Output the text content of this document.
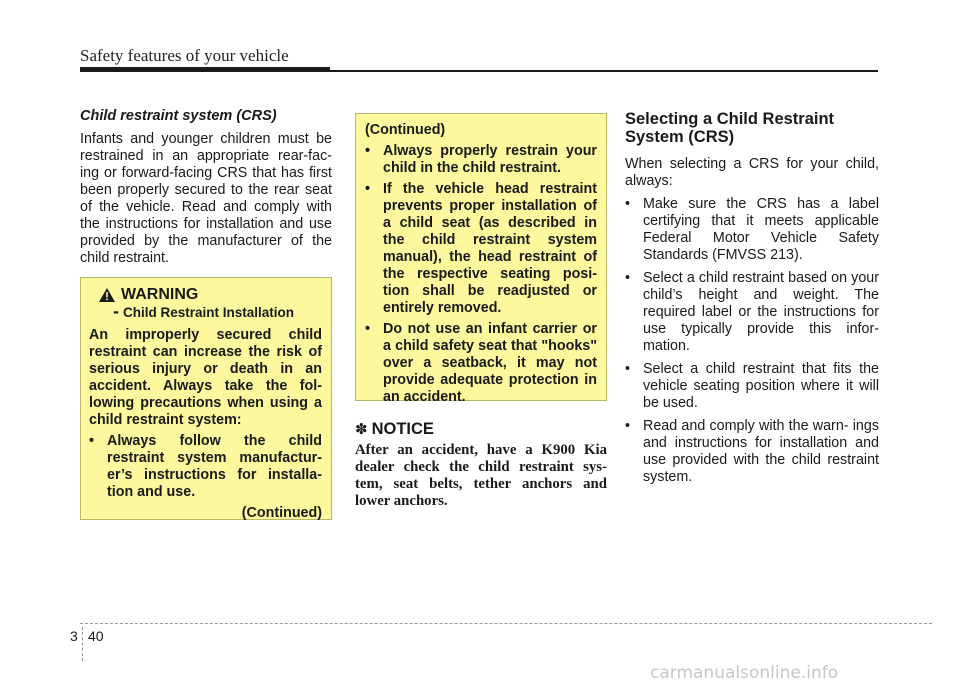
Safety features of your vehicle

Child restraint system (CRS)

Infants and younger children must be restrained in an appropriate rear-fac- ing or forward-facing CRS that has first been properly secured to the rear seat of the vehicle. Read and comply with the instructions for installation and use provided by the manufacturer of the child restraint.

WARNING
- Child Restraint Installation

An improperly secured child restraint can increase the risk of serious injury or death in an accident. Always take the fol- lowing precautions when using a child restraint system:

• Always follow the child restraint system manufactur- er’s instructions for installa- tion and use.
(Continued)
(Continued)
• Always properly restrain your child in the child restraint.
• If the vehicle head restraint prevents proper installation of a child seat (as described in the child restraint system manual), the head restraint of the respective seating posi- tion shall be readjusted or entirely removed.
• Do not use an infant carrier or a child safety seat that "hooks" over a seatback, it may not provide adequate protection in an accident.
✽ NOTICE
After an accident, have a K900 Kia dealer check the child restraint sys- tem, seat belts, tether anchors and lower anchors.
Selecting a Child Restraint System (CRS)

When selecting a CRS for your child, always:

• Make sure the CRS has a label certifying that it meets applicable Federal Motor Vehicle Safety Standards (FMVSS 213).
• Select a child restraint based on your child’s height and weight. The required label or the instructions for use typically provide this infor- mation.
• Select a child restraint that fits the vehicle seating position where it will be used.
• Read and comply with the warn- ings and instructions for installation and use provided with the child restraint system.
3 40
carmanualsonline.info
